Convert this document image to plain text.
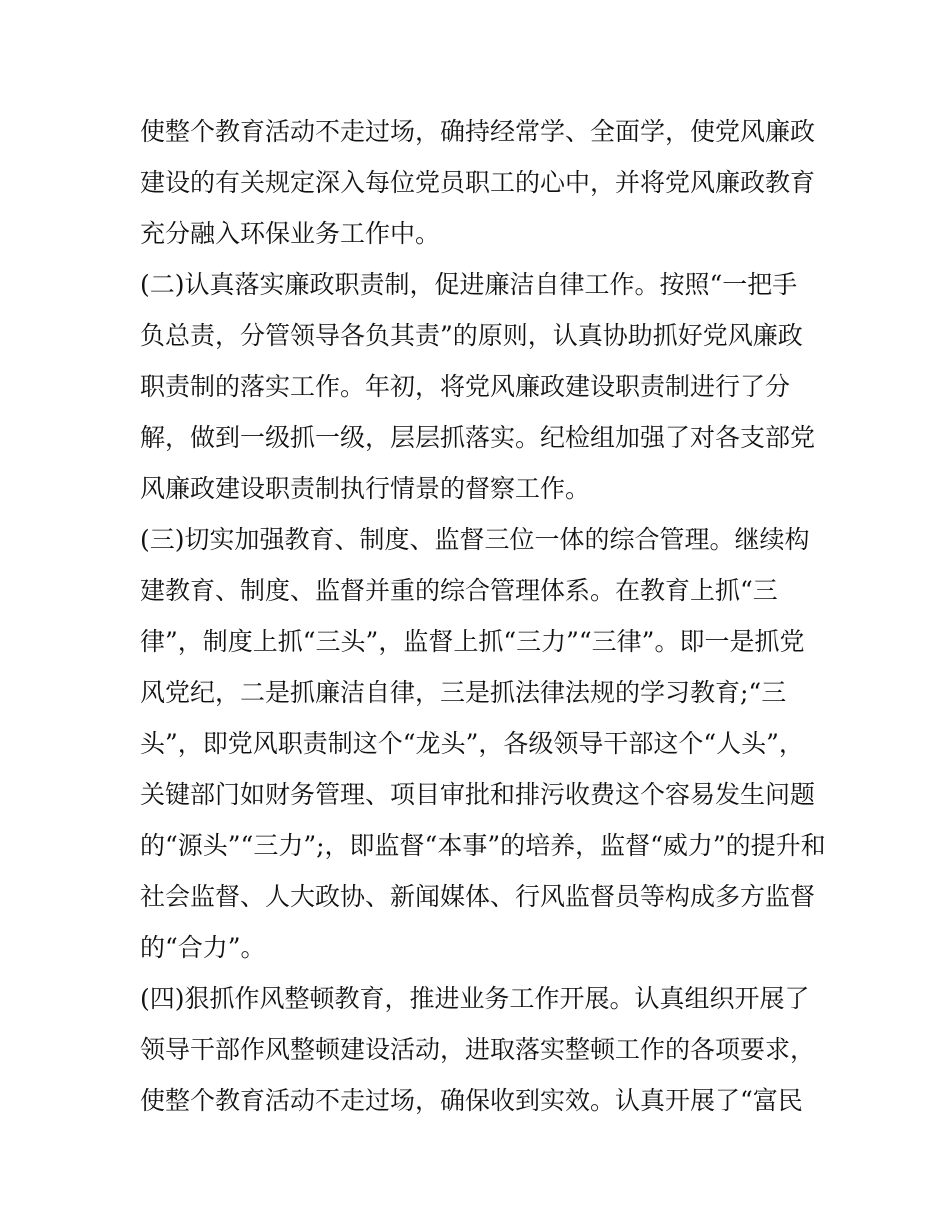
使整个教育活动不走过场，确持经常学、全面学，使党风廉政
建设的有关规定深入每位党员职工的心中，并将党风廉政教育
充分融入环保业务工作中。
(二)认真落实廉政职责制，促进廉洁自律工作。按照“一把手
负总责，分管领导各负其责”的原则，认真协助抓好党风廉政
职责制的落实工作。年初，将党风廉政建设职责制进行了分
解，做到一级抓一级，层层抓落实。纪检组加强了对各支部党
风廉政建设职责制执行情景的督察工作。
(三)切实加强教育、制度、监督三位一体的综合管理。继续构
建教育、制度、监督并重的综合管理体系。在教育上抓“三
律”，制度上抓“三头”，监督上抓“三力”“三律”。即一是抓党
风党纪，二是抓廉洁自律，三是抓法律法规的学习教育;“三
头”，即党风职责制这个“龙头”，各级领导干部这个“人头”，
关键部门如财务管理、项目审批和排污收费这个容易发生问题
的“源头”“三力”;，即监督“本事”的培养，监督“威力”的提升和
社会监督、人大政协、新闻媒体、行风监督员等构成多方监督
的“合力”。
(四)狠抓作风整顿教育，推进业务工作开展。认真组织开展了
领导干部作风整顿建设活动，进取落实整顿工作的各项要求，
使整个教育活动不走过场，确保收到实效。认真开展了“富民
